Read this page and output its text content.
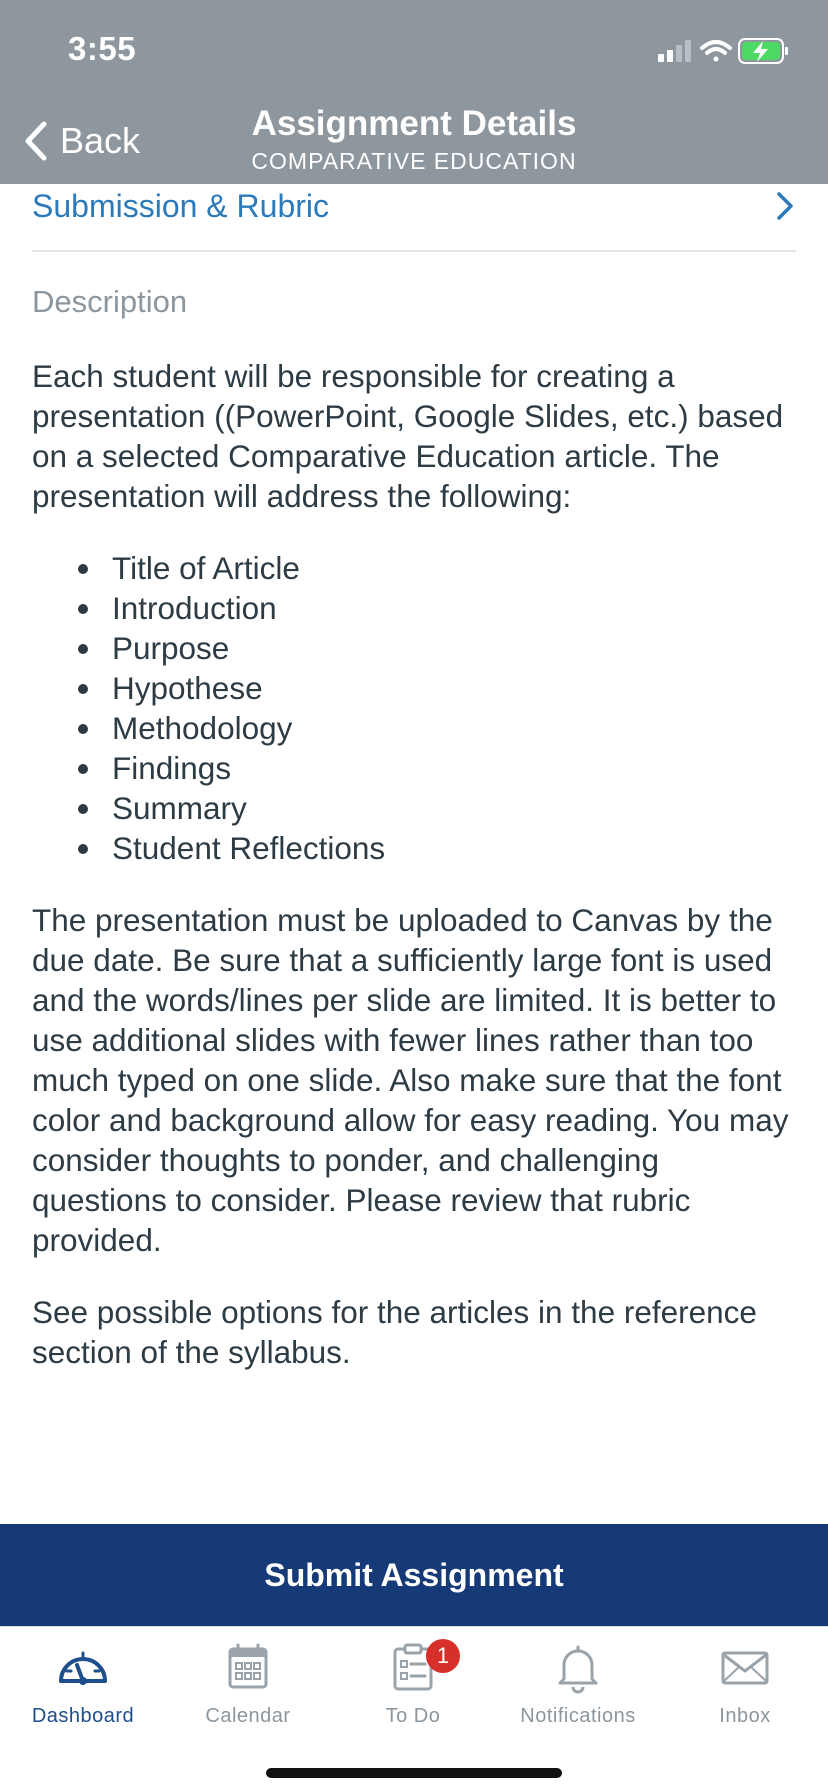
3:55
Back	Assignment Details
COMPARATIVE EDUCATION
Submission & Rubric
Description

Each student will be responsible for creating a presentation ((PowerPoint, Google Slides, etc.) based on a selected Comparative Education article. The presentation will address the following:

Title of Article
Introduction
Purpose
Hypothese
Methodology
Findings
Summary
Student Reflections

The presentation must be uploaded to Canvas by the due date. Be sure that a sufficiently large font is used and the words/lines per slide are limited. It is better to use additional slides with fewer lines rather than too much typed on one slide. Also make sure that the font color and background allow for easy reading. You may consider thoughts to ponder, and challenging questions to consider. Please review that rubric provided.

See possible options for the articles in the reference section of the syllabus.

Submit Assignment
Dashboard	Calendar
1
To Do	Notifications	Inbox
